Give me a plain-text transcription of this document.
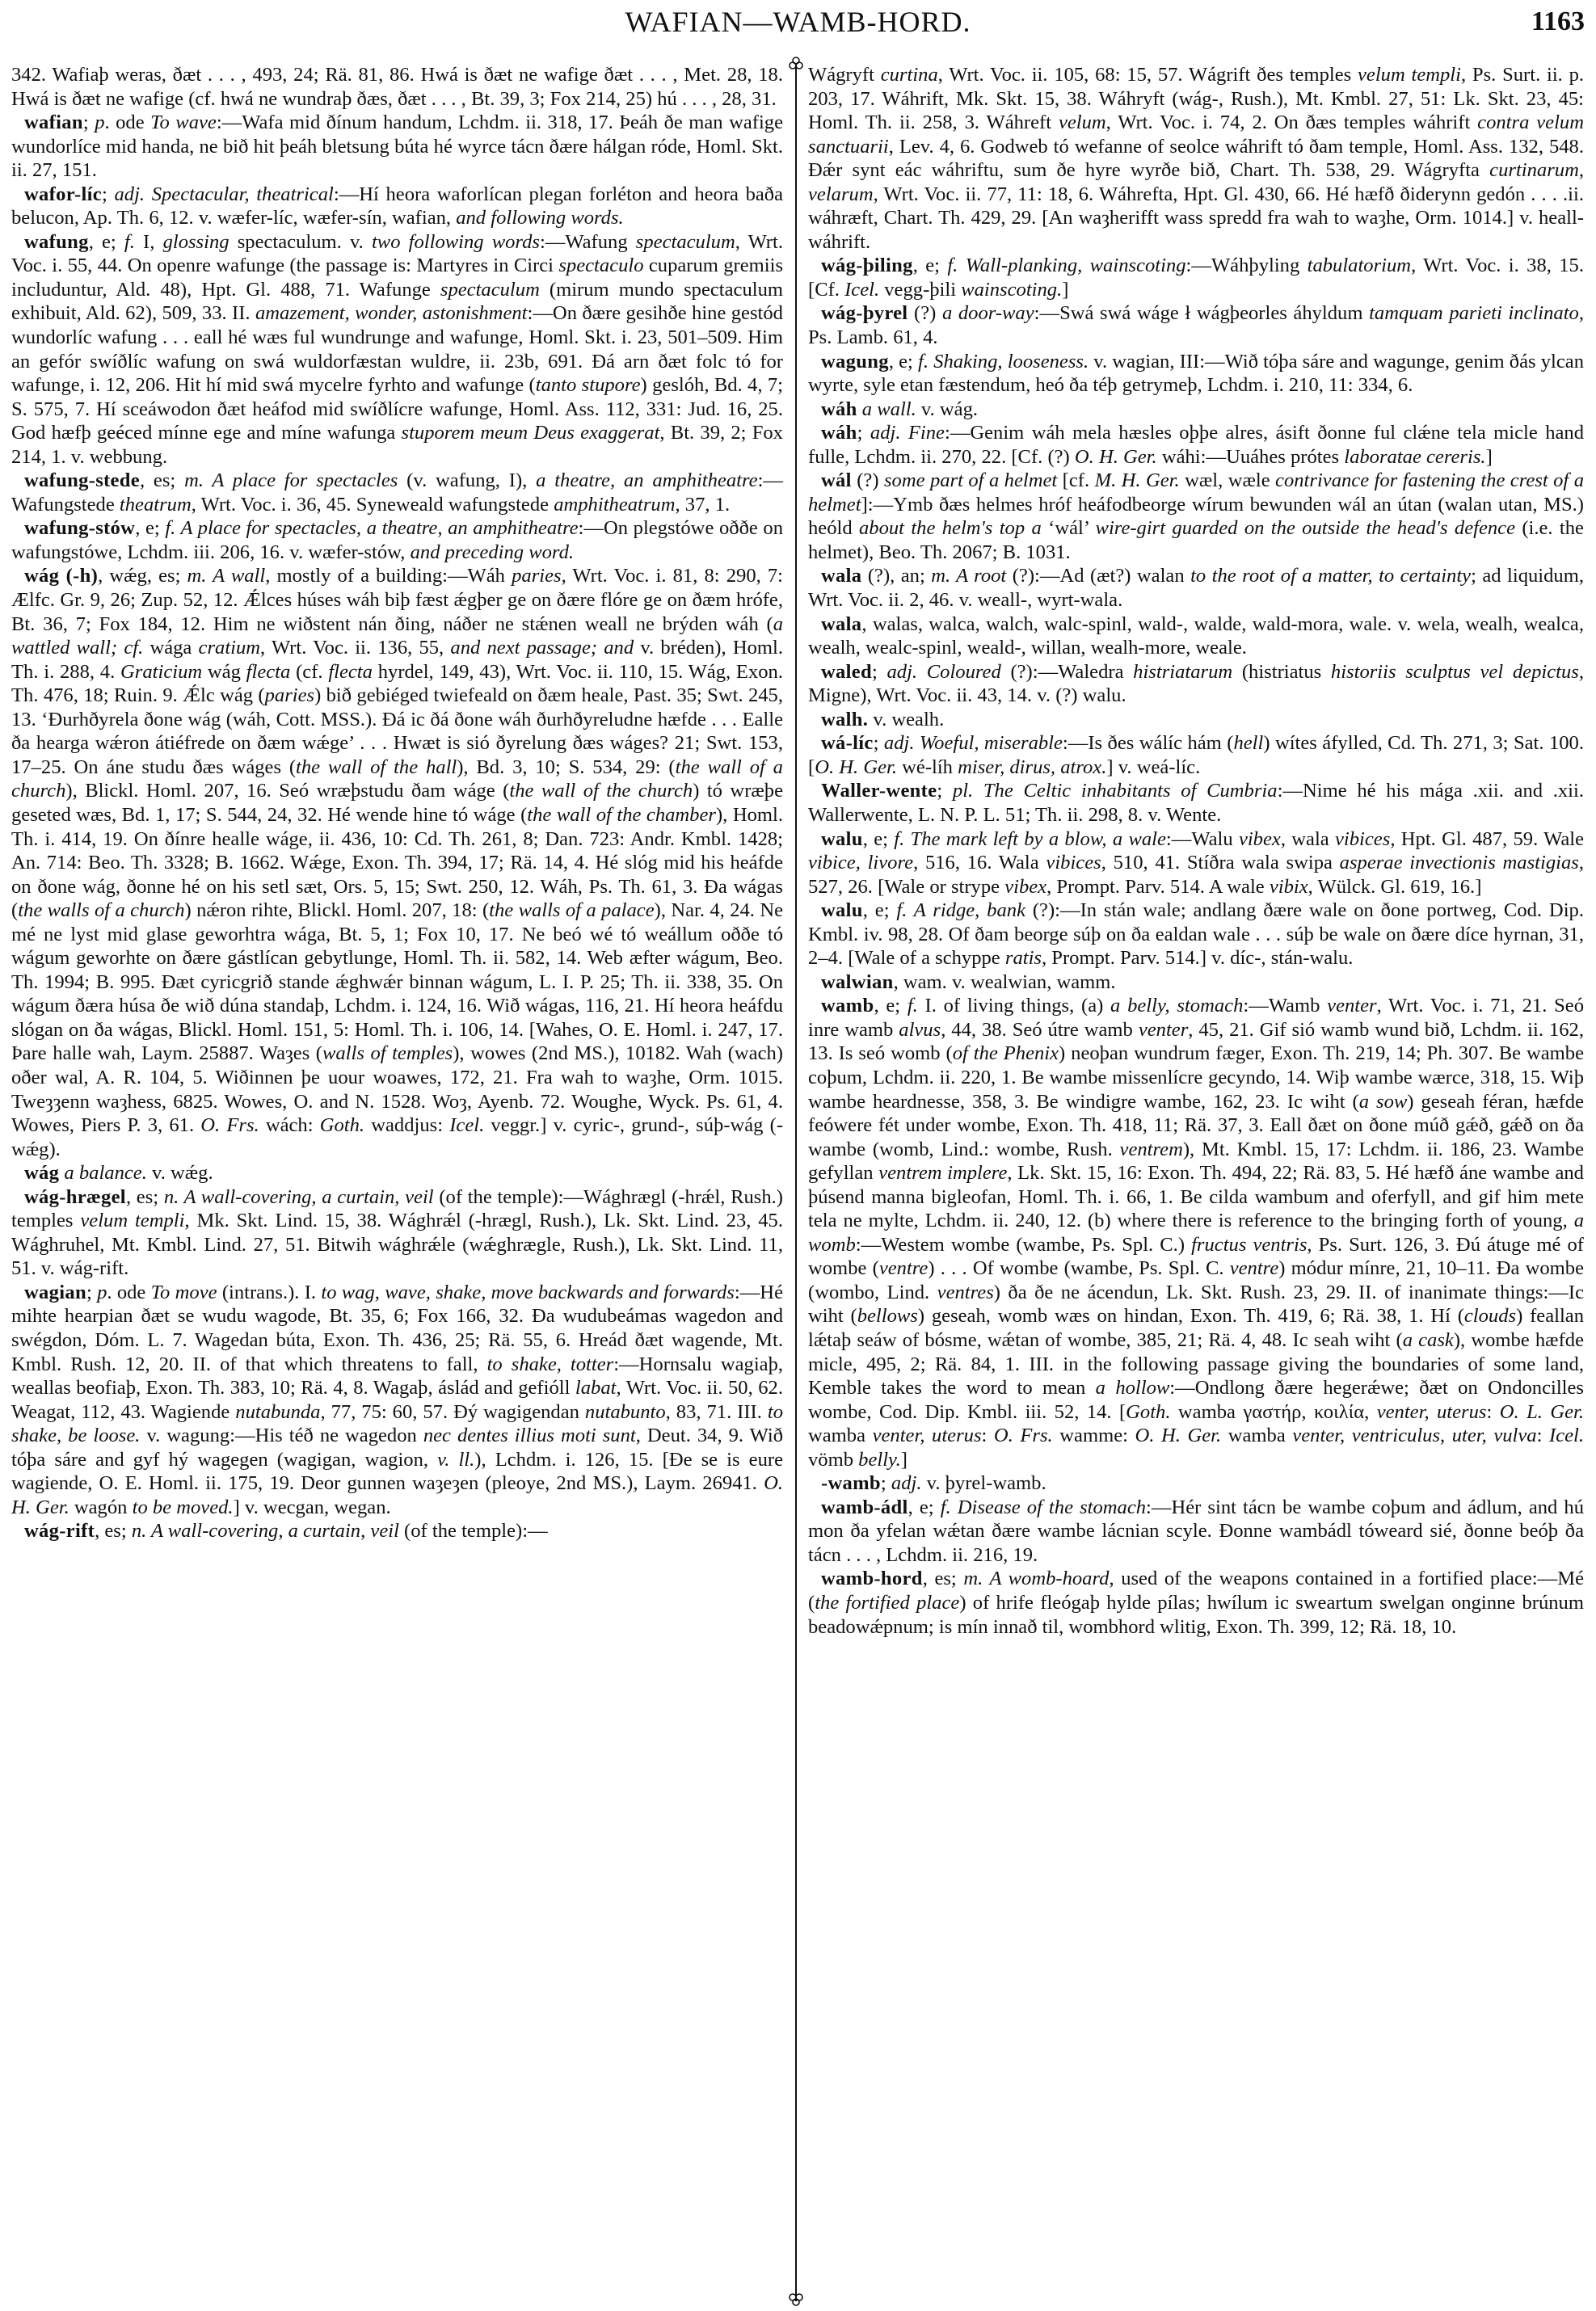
WAFIAN—WAMB-HORD.	1163

342. Wafiaþ weras, ðæt . . . , 493, 24; Rä. 81, 86. Hwá is ðæt ne wafige ðæt . . . , Met. 28, 18. Hwá is ðæt ne wafige (cf. hwá ne wundraþ ðæs, ðæt . . . , Bt. 39, 3; Fox 214, 25) hú . . . , 28, 31.

wafian; p. ode To wave:—Wafa mid ðínum handum, Lchdm. ii. 318, 17. Þeáh ðe man wafige wundorlíce mid handa, ne bið hit þeáh bletsung búta hé wyrce tácn ðære hálgan róde, Homl. Skt. ii. 27, 151.

wafor-líc; adj. Spectacular, theatrical:—Hí heora waforlícan plegan forléton and heora baða belucon, Ap. Th. 6, 12. v. wæfer-líc, wæfer-sín, wafian, and following words.

wafung, e; f. I, glossing spectaculum. v. two following words:—Wafung spectaculum, Wrt. Voc. i. 55, 44. On openre wafunge (the passage is: Martyres in Circi spectaculo cuparum gremiis includuntur, Ald. 48), Hpt. Gl. 488, 71. Wafunge spectaculum (mirum mundo spectaculum exhibuit, Ald. 62), 509, 33. II. amazement, wonder, astonishment:—On ðære gesihðe hine gestód wundorlíc wafung . . . eall hé wæs ful wundrunge and wafunge, Homl. Skt. i. 23, 501–509. Him an gefór swíðlíc wafung on swá wuldorfæstan wuldre, ii. 23b, 691. Ðá arn ðæt folc tó for wafunge, i. 12, 206. Hit hí mid swá mycelre fyrhto and wafunge (tanto stupore) geslóh, Bd. 4, 7; S. 575, 7. Hí sceáwodon ðæt heáfod mid swíðlícre wafunge, Homl. Ass. 112, 331: Jud. 16, 25. God hæfþ geéced mínne ege and míne wafunga stuporem meum Deus exaggerat, Bt. 39, 2; Fox 214, 1. v. webbung.

wafung-stede, es; m. A place for spectacles (v. wafung, I), a theatre, an amphitheatre:—Wafungstede theatrum, Wrt. Voc. i. 36, 45. Syneweald wafungstede amphitheatrum, 37, 1.

wafung-stów, e; f. A place for spectacles, a theatre, an amphitheatre:—On plegstówe oððe on wafungstówe, Lchdm. iii. 206, 16. v. wæfer-stów, and preceding word.

wág (-h), wǽg, es; m. A wall, mostly of a building:—Wáh paries, Wrt. Voc. i. 81, 8: 290, 7: Ælfc. Gr. 9, 26; Zup. 52, 12. Ǽlces húses wáh biþ fæst ǽgþer ge on ðære flóre ge on ðæm hrófe, Bt. 36, 7; Fox 184, 12. Him ne wiðstent nán ðing, náðer ne stǽnen weall ne brýden wáh (a wattled wall; cf. wága cratium, Wrt. Voc. ii. 136, 55, and next passage; and v. bréden), Homl. Th. i. 288, 4. Graticium wág flecta (cf. flecta hyrdel, 149, 43), Wrt. Voc. ii. 110, 15. Wág, Exon. Th. 476, 18; Ruin. 9. Ǽlc wág (paries) bið gebiéged twiefeald on ðæm heale, Past. 35; Swt. 245, 13. ‘Ðurhðyrela ðone wág (wáh, Cott. MSS.). Ðá ic ðá ðone wáh ðurhðyreludne hæfde . . . Ealle ða hearga wǽron átiéfrede on ðæm wǽge’ . . . Hwæt is sió ðyrelung ðæs wáges? 21; Swt. 153, 17–25. On áne studu ðæs wáges (the wall of the hall), Bd. 3, 10; S. 534, 29: (the wall of a church), Blickl. Homl. 207, 16. Seó wræþstudu ðam wáge (the wall of the church) tó wræþe geseted wæs, Bd. 1, 17; S. 544, 24, 32. Hé wende hine tó wáge (the wall of the chamber), Homl. Th. i. 414, 19. On ðínre healle wáge, ii. 436, 10: Cd. Th. 261, 8; Dan. 723: Andr. Kmbl. 1428; An. 714: Beo. Th. 3328; B. 1662. Wǽge, Exon. Th. 394, 17; Rä. 14, 4. Hé slóg mid his heáfde on ðone wág, ðonne hé on his setl sæt, Ors. 5, 15; Swt. 250, 12. Wáh, Ps. Th. 61, 3. Ða wágas (the walls of a church) nǽron rihte, Blickl. Homl. 207, 18: (the walls of a palace), Nar. 4, 24. Ne mé ne lyst mid glase geworhtra wága, Bt. 5, 1; Fox 10, 17. Ne beó wé tó weállum oððe tó wágum geworhte on ðære gástlícan gebytlunge, Homl. Th. ii. 582, 14. Web æfter wágum, Beo. Th. 1994; B. 995. Ðæt cyricgrið stande ǽghwǽr binnan wágum, L. I. P. 25; Th. ii. 338, 35. On wágum ðæra húsa ðe wið dúna standaþ, Lchdm. i. 124, 16. Wið wágas, 116, 21. Hí heora heáfdu slógan on ða wágas, Blickl. Homl. 151, 5: Homl. Th. i. 106, 14. [Wahes, O. E. Homl. i. 247, 17. Þare halle wah, Laym. 25887. Waȝes (walls of temples), wowes (2nd MS.), 10182. Wah (wach) oðer wal, A. R. 104, 5. Wiðinnen þe uour woawes, 172, 21. Fra wah to waȝhe, Orm. 1015. Tweȝȝenn waȝhess, 6825. Wowes, O. and N. 1528. Woȝ, Ayenb. 72. Woughe, Wyck. Ps. 61, 4. Wowes, Piers P. 3, 61. O. Frs. wách: Goth. waddjus: Icel. veggr.] v. cyric-, grund-, súþ-wág (-wǽg).

wág a balance. v. wǽg.

wág-hrægel, es; n. A wall-covering, a curtain, veil (of the temple):—Wághrægl (-hrǽl, Rush.) temples velum templi, Mk. Skt. Lind. 15, 38. Wághrǽl (-hrægl, Rush.), Lk. Skt. Lind. 23, 45. Wághruhel, Mt. Kmbl. Lind. 27, 51. Bitwih wághrǽle (wǽghrægle, Rush.), Lk. Skt. Lind. 11, 51. v. wág-rift.

wagian; p. ode To move (intrans.). I. to wag, wave, shake, move backwards and forwards:—Hé mihte hearpian ðæt se wudu wagode, Bt. 35, 6; Fox 166, 32. Ða wudubeámas wagedon and swégdon, Dóm. L. 7. Wagedan búta, Exon. Th. 436, 25; Rä. 55, 6. Hreád ðæt wagende, Mt. Kmbl. Rush. 12, 20. II. of that which threatens to fall, to shake, totter:—Hornsalu wagiaþ, weallas beofiaþ, Exon. Th. 383, 10; Rä. 4, 8. Wagaþ, áslád and gefióll labat, Wrt. Voc. ii. 50, 62. Weagat, 112, 43. Wagiende nutabunda, 77, 75: 60, 57. Ðý wagigendan nutabunto, 83, 71. III. to shake, be loose. v. wagung:—His téð ne wagedon nec dentes illius moti sunt, Deut. 34, 9. Wið tóþa sáre and gyf hý wagegen (wagigan, wagion, v. ll.), Lchdm. i. 126, 15. [Ðe se is eure wagiende, O. E. Homl. ii. 175, 19. Deor gunnen waȝeȝen (pleoye, 2nd MS.), Laym. 26941. O. H. Ger. wagón to be moved.] v. wecgan, wegan.

wág-rift, es; n. A wall-covering, a curtain, veil (of the temple):—

Wágryft curtina, Wrt. Voc. ii. 105, 68: 15, 57. Wágrift ðes temples velum templi, Ps. Surt. ii. p. 203, 17. Wáhrift, Mk. Skt. 15, 38. Wáhryft (wág-, Rush.), Mt. Kmbl. 27, 51: Lk. Skt. 23, 45: Homl. Th. ii. 258, 3. Wáhreft velum, Wrt. Voc. i. 74, 2. On ðæs temples wáhrift contra velum sanctuarii, Lev. 4, 6. Godweb tó wefanne of seolce wáhrift tó ðam temple, Homl. Ass. 132, 548. Ðǽr synt eác wáhriftu, sum ðe hyre wyrðe bið, Chart. Th. 538, 29. Wágryfta curtinarum, velarum, Wrt. Voc. ii. 77, 11: 18, 6. Wáhrefta, Hpt. Gl. 430, 66. Hé hæfð ðiderynn gedón . . . .ii. wáhræft, Chart. Th. 429, 29. [An waȝherifft wass spredd fra wah to waȝhe, Orm. 1014.] v. heall-wáhrift.

wág-þiling, e; f. Wall-planking, wainscoting:—Wáhþyling tabulatorium, Wrt. Voc. i. 38, 15. [Cf. Icel. vegg-þili wainscoting.]

wág-þyrel (?) a door-way:—Swá swá wáge ł wágþeorles áhyldum tamquam parieti inclinato, Ps. Lamb. 61, 4.

wagung, e; f. Shaking, looseness. v. wagian, III:—Wið tóþa sáre and wagunge, genim ðás ylcan wyrte, syle etan fæstendum, heó ða téþ getrymeþ, Lchdm. i. 210, 11: 334, 6.

wáh a wall. v. wág.

wáh; adj. Fine:—Genim wáh mela hæsles oþþe alres, ásift ðonne ful clǽne tela micle hand fulle, Lchdm. ii. 270, 22. [Cf. (?) O. H. Ger. wáhi:—Uuáhes prótes laboratae cereris.]

wál (?) some part of a helmet [cf. M. H. Ger. wæl, wæle contrivance for fastening the crest of a helmet]:—Ymb ðæs helmes hróf heáfodbeorge wírum bewunden wál an útan (walan utan, MS.) heóld about the helm's top a ‘wál’ wire-girt guarded on the outside the head's defence (i.e. the helmet), Beo. Th. 2067; B. 1031.

wala (?), an; m. A root (?):—Ad (æt?) walan to the root of a matter, to certainty; ad liquidum, Wrt. Voc. ii. 2, 46. v. weall-, wyrt-wala.

wala, walas, walca, walch, walc-spinl, wald-, walde, wald-mora, wale. v. wela, wealh, wealca, wealh, wealc-spinl, weald-, willan, wealh-more, weale.

waled; adj. Coloured (?):—Waledra histriatarum (histriatus historiis sculptus vel depictus, Migne), Wrt. Voc. ii. 43, 14. v. (?) walu.

walh. v. wealh.

wá-líc; adj. Woeful, miserable:—Is ðes wálíc hám (hell) wítes áfylled, Cd. Th. 271, 3; Sat. 100. [O. H. Ger. wé-líh miser, dirus, atrox.] v. weá-líc.

Waller-wente; pl. The Celtic inhabitants of Cumbria:—Nime hé his mága .xii. and .xii. Wallerwente, L. N. P. L. 51; Th. ii. 298, 8. v. Wente.

walu, e; f. The mark left by a blow, a wale:—Walu vibex, wala vibices, Hpt. Gl. 487, 59. Wale vibice, livore, 516, 16. Wala vibices, 510, 41. Stíðra wala swipa asperae invectionis mastigias, 527, 26. [Wale or strype vibex, Prompt. Parv. 514. A wale vibix, Wülck. Gl. 619, 16.]

walu, e; f. A ridge, bank (?):—In stán wale; andlang ðære wale on ðone portweg, Cod. Dip. Kmbl. iv. 98, 28. Of ðam beorge súþ on ða ealdan wale . . . súþ be wale on ðære díce hyrnan, 31, 2–4. [Wale of a schyppe ratis, Prompt. Parv. 514.] v. díc-, stán-walu.

walwian, wam. v. wealwian, wamm.

wamb, e; f. I. of living things, (a) a belly, stomach:—Wamb venter, Wrt. Voc. i. 71, 21. Seó inre wamb alvus, 44, 38. Seó útre wamb venter, 45, 21. Gif sió wamb wund bið, Lchdm. ii. 162, 13. Is seó womb (of the Phenix) neoþan wundrum fæger, Exon. Th. 219, 14; Ph. 307. Be wambe coþum, Lchdm. ii. 220, 1. Be wambe missenlícre gecyndo, 14. Wiþ wambe wærce, 318, 15. Wiþ wambe heardnesse, 358, 3. Be windigre wambe, 162, 23. Ic wiht (a sow) geseah féran, hæfde feówere fét under wombe, Exon. Th. 418, 11; Rä. 37, 3. Eall ðæt on ðone múð gǽð, gǽð on ða wambe (womb, Lind.: wombe, Rush. ventrem), Mt. Kmbl. 15, 17: Lchdm. ii. 186, 23. Wambe gefyllan ventrem implere, Lk. Skt. 15, 16: Exon. Th. 494, 22; Rä. 83, 5. Hé hæfð áne wambe and þúsend manna bigleofan, Homl. Th. i. 66, 1. Be cilda wambum and oferfyll, and gif him mete tela ne mylte, Lchdm. ii. 240, 12. (b) where there is reference to the bringing forth of young, a womb:—Westem wombe (wambe, Ps. Spl. C.) fructus ventris, Ps. Surt. 126, 3. Ðú átuge mé of wombe (ventre) . . . Of wombe (wambe, Ps. Spl. C. ventre) módur mínre, 21, 10–11. Ða wombe (wombo, Lind. ventres) ða ðe ne ácendun, Lk. Skt. Rush. 23, 29. II. of inanimate things:—Ic wiht (bellows) geseah, womb wæs on hindan, Exon. Th. 419, 6; Rä. 38, 1. Hí (clouds) feallan lǽtaþ seáw of bósme, wǽtan of wombe, 385, 21; Rä. 4, 48. Ic seah wiht (a cask), wombe hæfde micle, 495, 2; Rä. 84, 1. III. in the following passage giving the boundaries of some land, Kemble takes the word to mean a hollow:—Ondlong ðære hegerǽwe; ðæt on Ondoncilles wombe, Cod. Dip. Kmbl. iii. 52, 14. [Goth. wamba γαστήρ, κοιλία, venter, uterus: O. L. Ger. wamba venter, uterus: O. Frs. wamme: O. H. Ger. wamba venter, ventriculus, uter, vulva: Icel. vömb belly.]

-wamb; adj. v. þyrel-wamb.

wamb-ádl, e; f. Disease of the stomach:—Hér sint tácn be wambe coþum and ádlum, and hú mon ða yfelan wǽtan ðære wambe lácnian scyle. Ðonne wambádl tóweard sié, ðonne beóþ ða tácn . . . , Lchdm. ii. 216, 19.

wamb-hord, es; m. A womb-hoard, used of the weapons contained in a fortified place:—Mé (the fortified place) of hrife fleógaþ hylde pílas; hwílum ic sweartum swelgan onginne brúnum beadowǽpnum; is mín innað til, wombhord wlitig, Exon. Th. 399, 12; Rä. 18, 10.
